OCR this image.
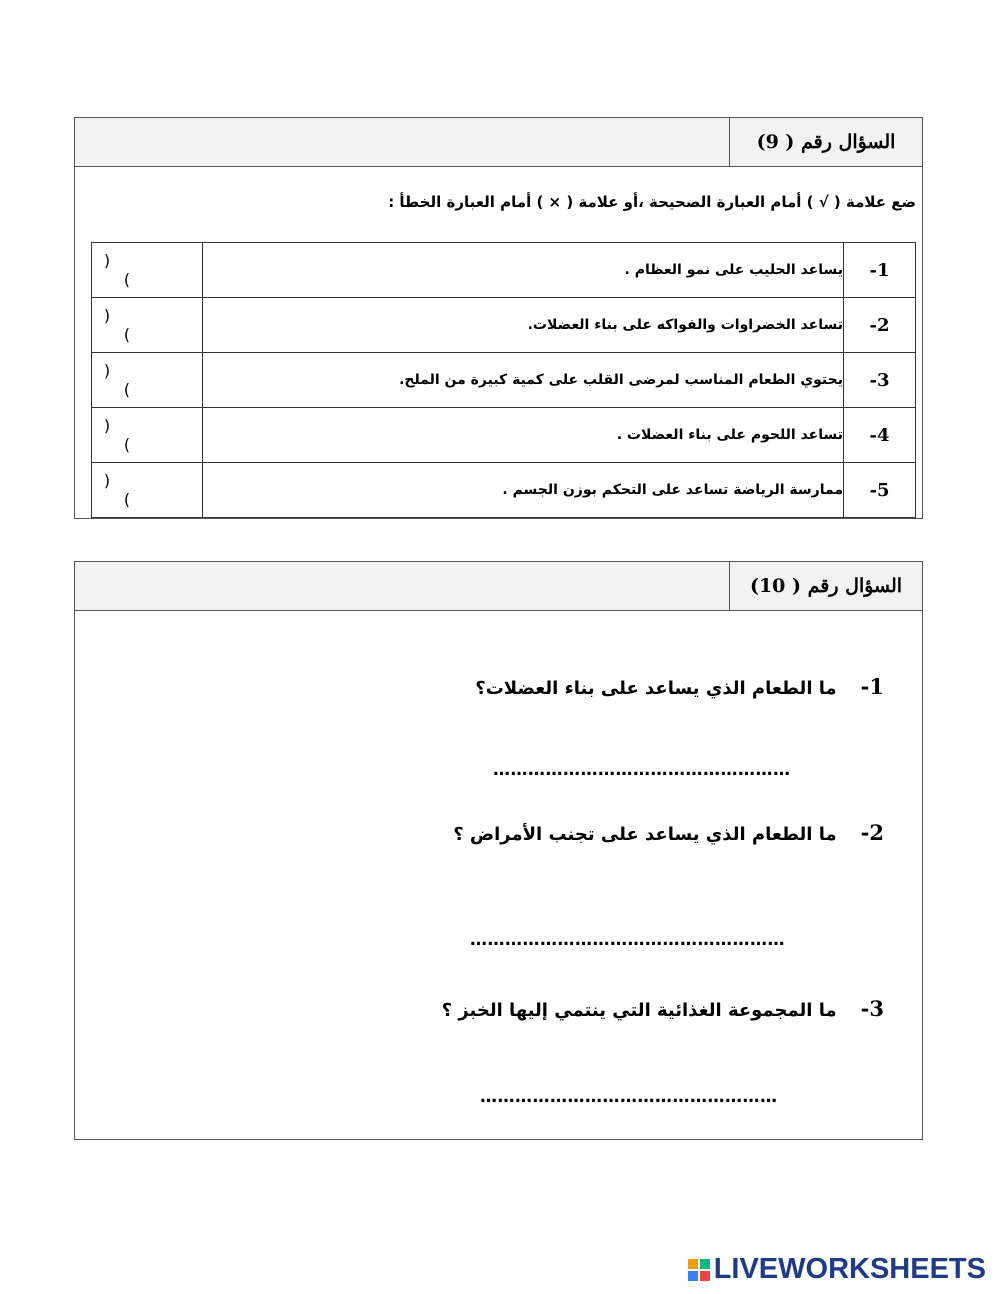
السؤال رقم ( 9)
ضع علامة ( √ ) أمام العبارة الصحيحة ،أو علامة ( × ) أمام العبارة الخطأ :
1-	يساعد الحليب على نمو العظام .	( )
2-	تساعد الخضراوات والفواكه على بناء العضلات.	( )
3-	يحتوي الطعام المناسب لمرضى القلب على كمية كبيرة من الملح.	( )
4-	تساعد اللحوم على بناء العضلات .	( )
5-	ممارسة الرياضة تساعد على التحكم بوزن الجسم .	( )
السؤال رقم ( 10)
1-ما الطعام الذي يساعد على بناء العضلات؟
……………………………………………
2-ما الطعام الذي يساعد على تجنب الأمراض ؟
………………………………………………
3-ما المجموعة الغذائية التي ينتمي إليها الخبز ؟
……………………………………………
LIVEWORKSHEETS
